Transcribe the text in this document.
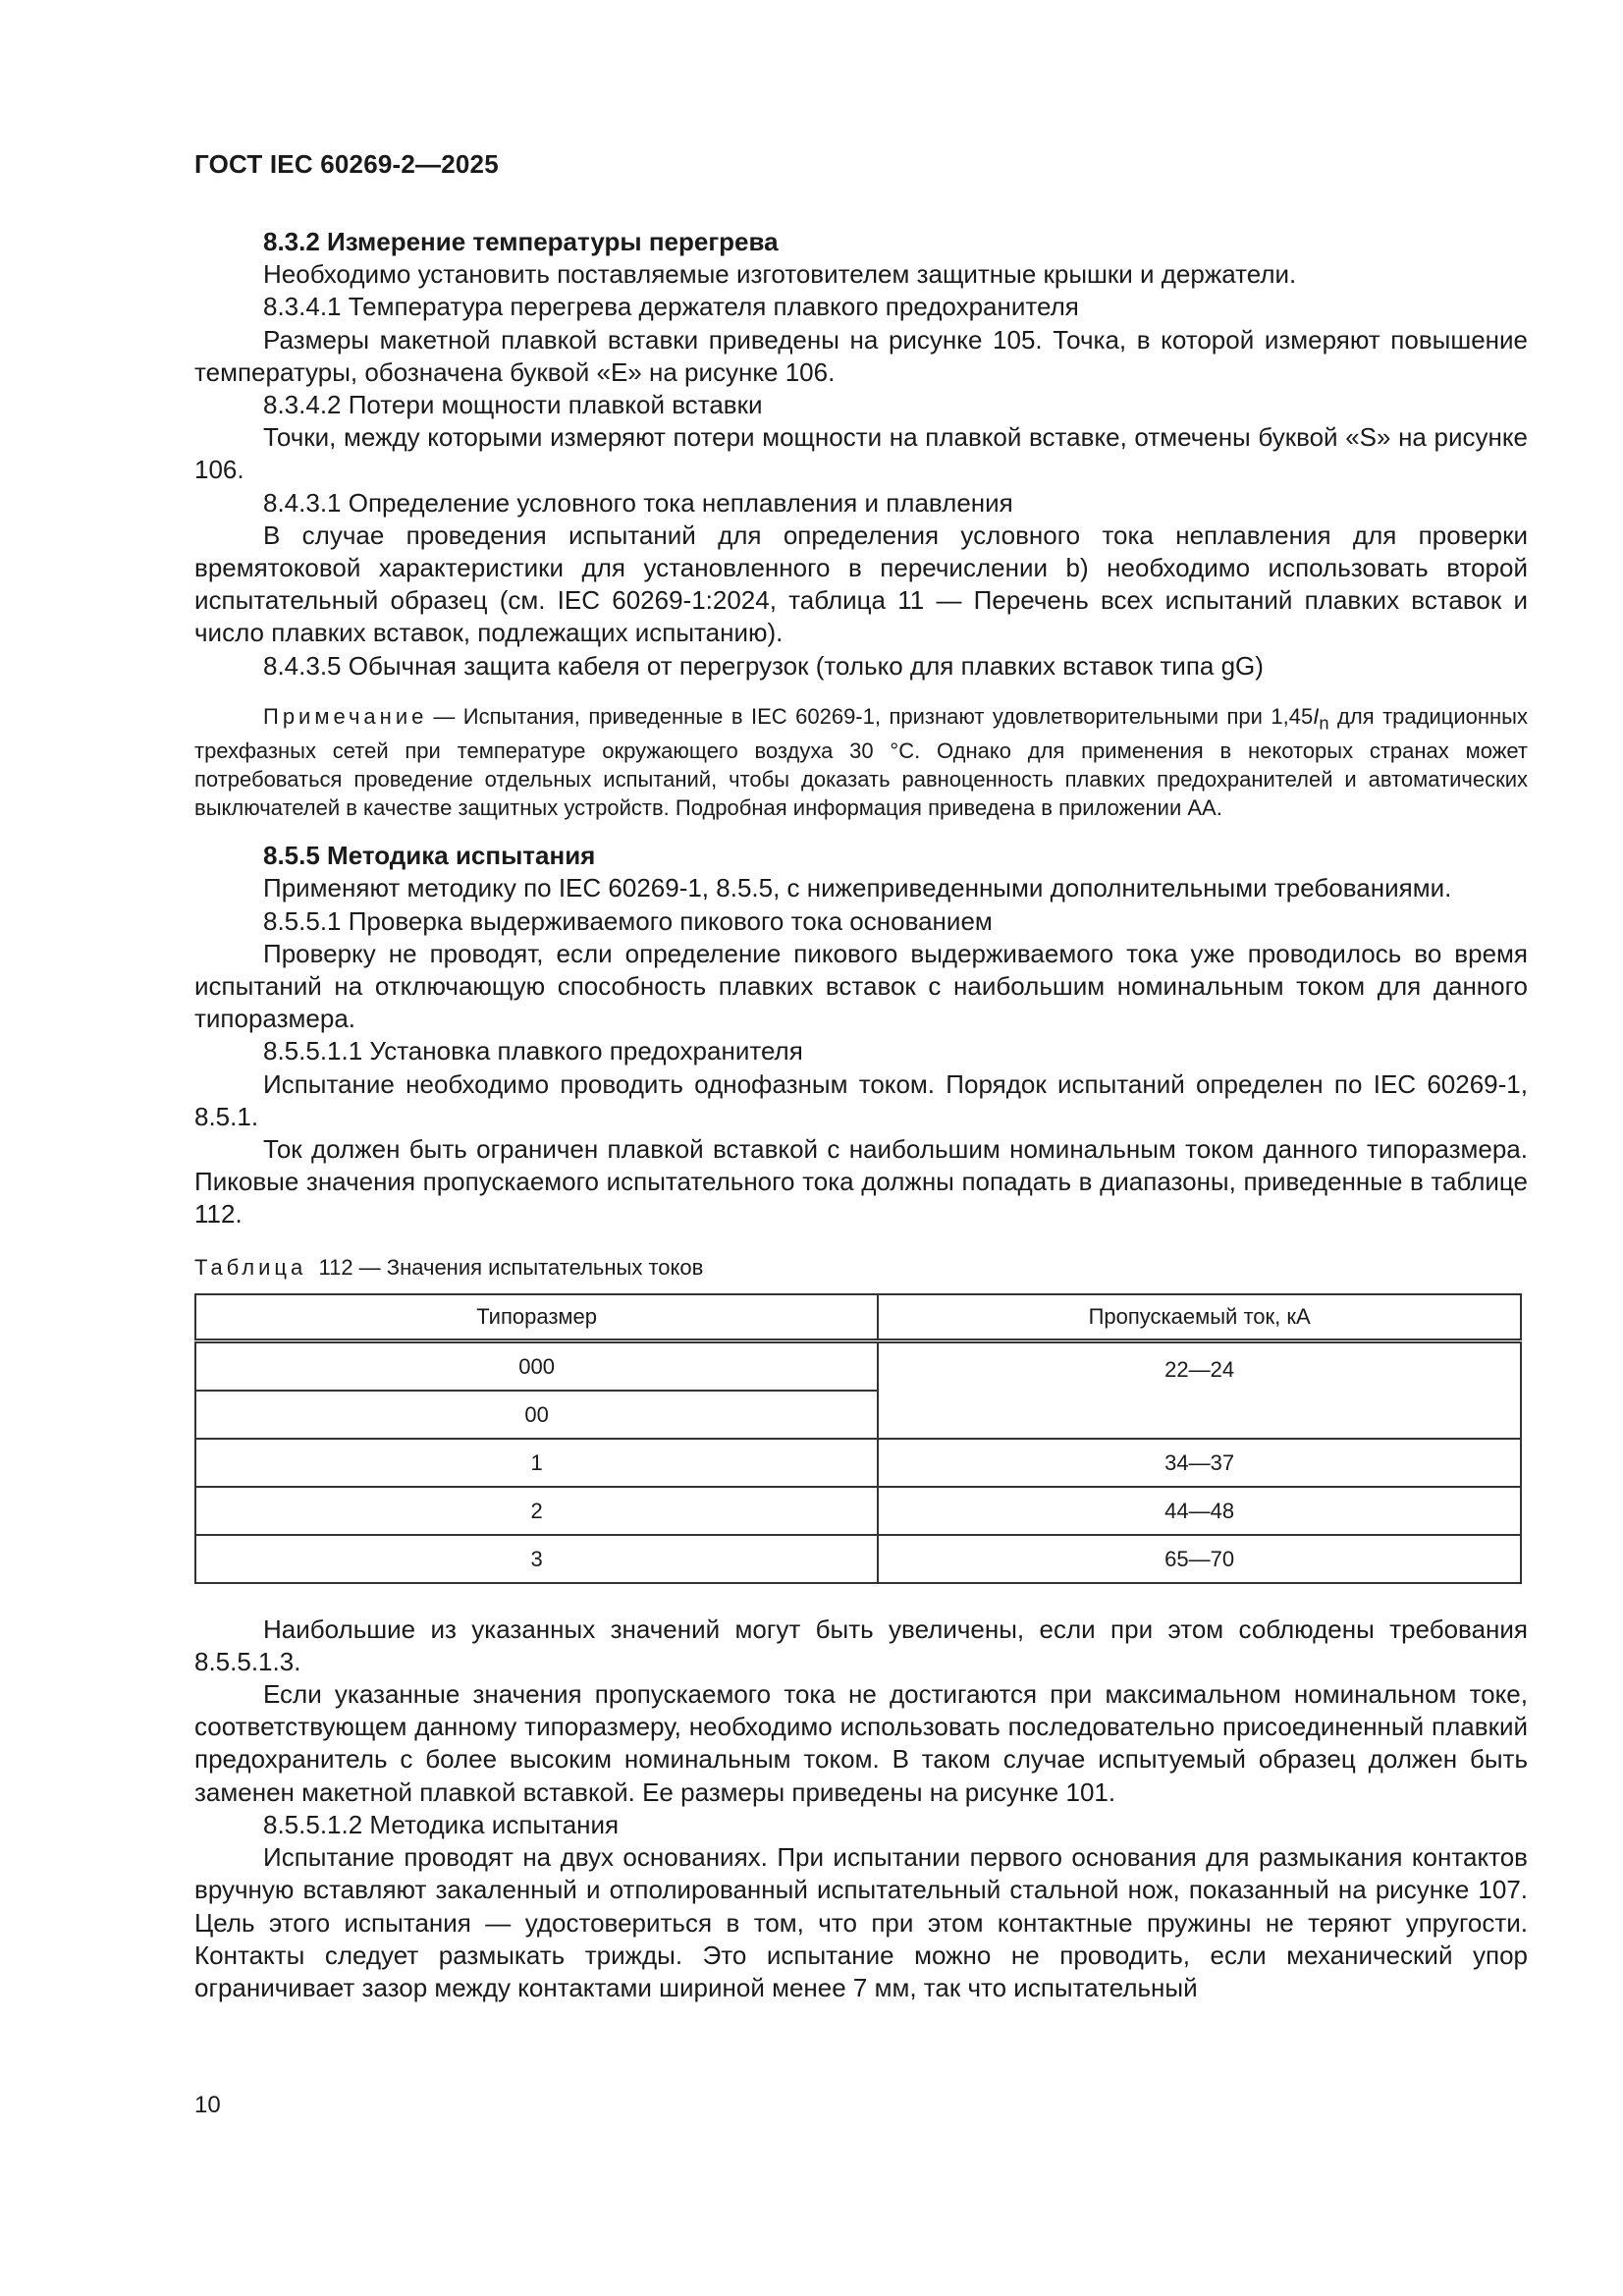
ГОСТ IEC 60269-2—2025

8.3.2 Измерение температуры перегрева

Необходимо установить поставляемые изготовителем защитные крышки и держатели.

8.3.4.1 Температура перегрева держателя плавкого предохранителя

Размеры макетной плавкой вставки приведены на рисунке 105. Точка, в которой измеряют повышение температуры, обозначена буквой «Е» на рисунке 106.

8.3.4.2 Потери мощности плавкой вставки

Точки, между которыми измеряют потери мощности на плавкой вставке, отмечены буквой «S» на рисунке 106.

8.4.3.1 Определение условного тока неплавления и плавления

В случае проведения испытаний для определения условного тока неплавления для проверки времятоковой характеристики для установленного в перечислении b) необходимо использовать второй испытательный образец (см. IEC 60269-1:2024, таблица 11 — Перечень всех испытаний плавких вставок и число плавких вставок, подлежащих испытанию).

8.4.3.5 Обычная защита кабеля от перегрузок (только для плавких вставок типа gG)

Примечание — Испытания, приведенные в IEC 60269-1, признают удовлетворительными при $1,45I_n$ для традиционных трехфазных сетей при температуре окружающего воздуха 30 °С. Однако для применения в некоторых странах может потребоваться проведение отдельных испытаний, чтобы доказать равноценность плавких предохранителей и автоматических выключателей в качестве защитных устройств. Подробная информация приведена в приложении АА.

8.5.5 Методика испытания

Применяют методику по IEC 60269-1, 8.5.5, с нижеприведенными дополнительными требованиями.

8.5.5.1 Проверка выдерживаемого пикового тока основанием

Проверку не проводят, если определение пикового выдерживаемого тока уже проводилось во время испытаний на отключающую способность плавких вставок с наибольшим номинальным током для данного типоразмера.

8.5.5.1.1 Установка плавкого предохранителя

Испытание необходимо проводить однофазным током. Порядок испытаний определен по IEC 60269-1, 8.5.1.

Ток должен быть ограничен плавкой вставкой с наибольшим номинальным током данного типоразмера. Пиковые значения пропускаемого испытательного тока должны попадать в диапазоны, приведенные в таблице 112.

Таблица 112 — Значения испытательных токов
Типоразмер	Пропускаемый ток, кА
000	22—24
00	
1	34—37
2	44—48
3	65—70

Наибольшие из указанных значений могут быть увеличены, если при этом соблюдены требования 8.5.5.1.3.

Если указанные значения пропускаемого тока не достигаются при максимальном номинальном токе, соответствующем данному типоразмеру, необходимо использовать последовательно присоединенный плавкий предохранитель с более высоким номинальным током. В таком случае испытуемый образец должен быть заменен макетной плавкой вставкой. Ее размеры приведены на рисунке 101.

8.5.5.1.2 Методика испытания

Испытание проводят на двух основаниях. При испытании первого основания для размыкания контактов вручную вставляют закаленный и отполированный испытательный стальной нож, показанный на рисунке 107. Цель этого испытания — удостовериться в том, что при этом контактные пружины не теряют упругости. Контакты следует размыкать трижды. Это испытание можно не проводить, если механический упор ограничивает зазор между контактами шириной менее 7 мм, так что испытательный

10
